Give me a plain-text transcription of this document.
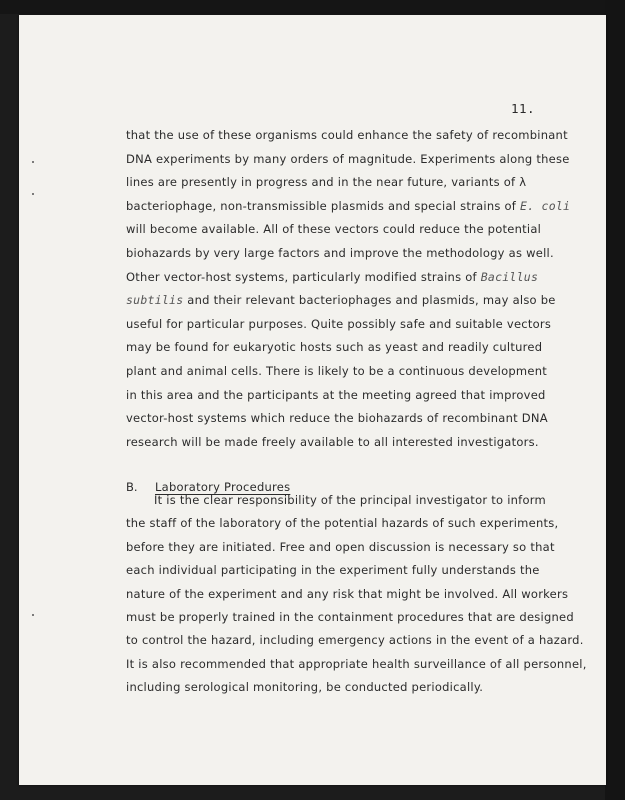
11.
that the use of these organisms could enhance the safety of recombinant
DNA experiments by many orders of magnitude. Experiments along these
lines are presently in progress and in the near future, variants of λ
bacteriophage, non-transmissible plasmids and special strains of E. coli
will become available. All of these vectors could reduce the potential
biohazards by very large factors and improve the methodology as well.
Other vector-host systems, particularly modified strains of Bacillus
subtilis and their relevant bacteriophages and plasmids, may also be
useful for particular purposes. Quite possibly safe and suitable vectors
may be found for eukaryotic hosts such as yeast and readily cultured
plant and animal cells. There is likely to be a continuous development
in this area and the participants at the meeting agreed that improved
vector-host systems which reduce the biohazards of recombinant DNA
research will be made freely available to all interested investigators.
B. Laboratory Procedures
It is the clear responsibility of the principal investigator to inform
the staff of the laboratory of the potential hazards of such experiments,
before they are initiated. Free and open discussion is necessary so that
each individual participating in the experiment fully understands the
nature of the experiment and any risk that might be involved. All workers
must be properly trained in the containment procedures that are designed
to control the hazard, including emergency actions in the event of a hazard.
It is also recommended that appropriate health surveillance of all personnel,
including serological monitoring, be conducted periodically.
